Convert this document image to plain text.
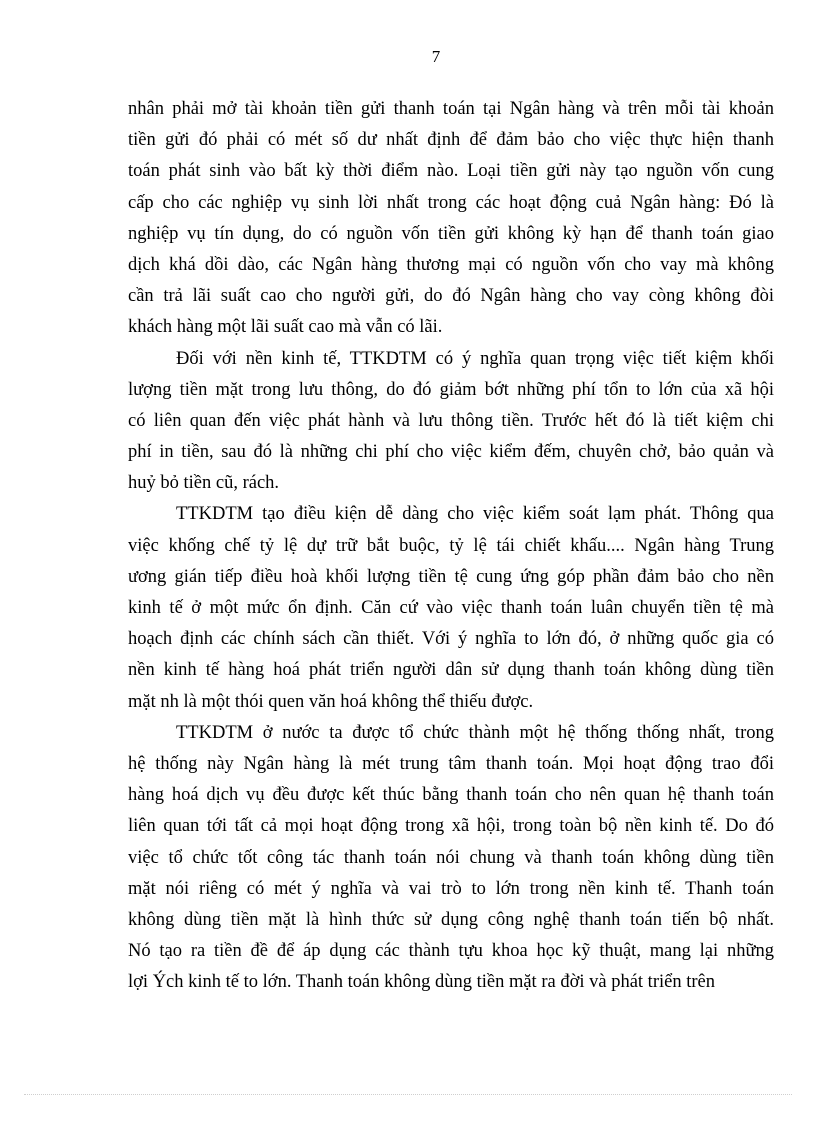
7
nhân phải mở tài khoản tiền gửi thanh toán tại Ngân hàng và trên mỗi tài khoản
tiền gửi đó phải có mét số dư nhất định để đảm bảo cho việc thực hiện thanh
toán phát sinh vào bất kỳ thời điểm nào. Loại tiền gửi này tạo nguồn vốn cung
cấp cho các nghiệp vụ sinh lời nhất trong các hoạt động cuả Ngân hàng: Đó là
nghiệp vụ tín dụng, do có nguồn vốn tiền gửi không kỳ hạn để thanh toán giao
dịch khá dồi dào, các Ngân hàng thương mại có nguồn vốn cho vay mà không
cần trả lãi suất cao cho người gửi, do đó Ngân hàng cho vay còng không đòi
khách hàng một lãi suất cao mà vẫn có lãi.
Đối với nền kinh tế, TTKDTM có ý nghĩa quan trọng việc tiết kiệm khối
lượng tiền mặt trong lưu thông, do đó giảm bớt những phí tổn to lớn của xã hội
có liên quan đến việc phát hành và lưu thông tiền. Trước hết đó là tiết kiệm chi
phí in tiền, sau đó là những chi phí cho việc kiểm đếm, chuyên chở, bảo quản và
huỷ bỏ tiền cũ, rách.
TTKDTM tạo điều kiện dễ dàng cho việc kiểm soát lạm phát. Thông qua
việc khống chế tỷ lệ dự trữ bắt buộc, tỷ lệ tái chiết khấu.... Ngân hàng Trung
ương gián tiếp điều hoà khối lượng tiền tệ cung ứng góp phần đảm bảo cho nền
kinh tế ở một mức ổn định. Căn cứ vào việc thanh toán luân chuyển tiền tệ mà
hoạch định các chính sách cần thiết. Với ý nghĩa to lớn đó, ở những quốc gia có
nền kinh tế hàng hoá phát triển người dân sử dụng thanh toán không dùng tiền
mặt nh là một thói quen văn hoá không thể thiếu được.
TTKDTM ở nước ta được tổ chức thành một hệ thống thống nhất, trong
hệ thống này Ngân hàng là mét trung tâm thanh toán. Mọi hoạt động trao đổi
hàng hoá dịch vụ đều được kết thúc bằng thanh toán cho nên quan hệ thanh toán
liên quan tới tất cả mọi hoạt động trong xã hội, trong toàn bộ nền kinh tế. Do đó
việc tổ chức tốt công tác thanh toán nói chung và thanh toán không dùng tiền
mặt nói riêng có mét ý nghĩa và vai trò to lớn trong nền kinh tế. Thanh toán
không dùng tiền mặt là hình thức sử dụng công nghệ thanh toán tiến bộ nhất.
Nó tạo ra tiền đề để áp dụng các thành tựu khoa học kỹ thuật, mang lại những
lợi Ých kinh tế to lớn. Thanh toán không dùng tiền mặt ra đời và phát triển trên
